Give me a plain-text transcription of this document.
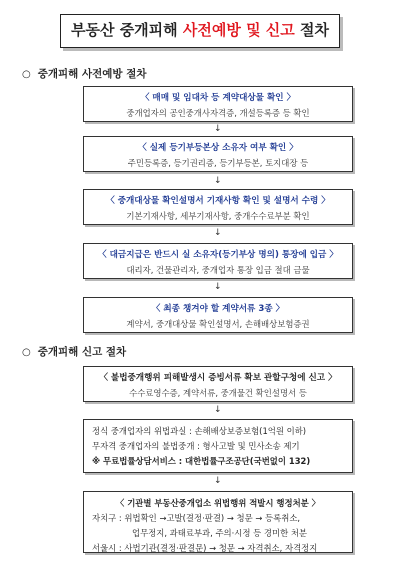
부동산 중개피해 사전예방 및 신고 절차
○ 중개피해 사전예방 절차
〈 매매 및 임대차 등 계약대상물 확인 〉
중개업자의 공인중개사자격증, 개설등록증 등 확인
↓
〈 실제 등기부등본상 소유자 여부 확인 〉
주민등록증, 등기권리증, 등기부등본, 토지대장 등
↓
〈 중개대상물 확인설명서 기재사항 확인 및 설명서 수령 〉
기본기재사항, 세부기재사항, 중개수수료부분 확인
↓
〈 대금지급은 반드시 실 소유자(등기부상 명의) 통장에 입금 〉
대리자, 건물관리자, 중개업자 통장 입금 절대 금물
↓
〈 최종 챙겨야 할 계약서류 3종 〉
계약서, 중개대상물 확인설명서, 손해배상보험증권
○ 중개피해 신고 절차
〈 불법중개행위 피해발생시 증빙서류 확보 관할구청에 신고 〉
수수료영수증, 계약서류, 중개물건 확인설명서 등
↓
정식 중개업자의 위법과실 : 손해배상보증보험(1억원 이하)
무자격 중개업자의 불법중개 : 형사고발 및 민사소송 제기
※ 무료법률상담서비스 : 대한법률구조공단(국번없이 132)
↓
〈 기관별 부동산중개업소 위법행위 적발시 행정처분 〉
자치구 : 위법확인 →고발(결정·판결) → 청문 → 등록취소,
업무정지, 과태료부과, 주의·시정 등 경미한 처분
서울시 : 사법기관(결정·판결문) → 청문 → 자격취소, 자격정지
